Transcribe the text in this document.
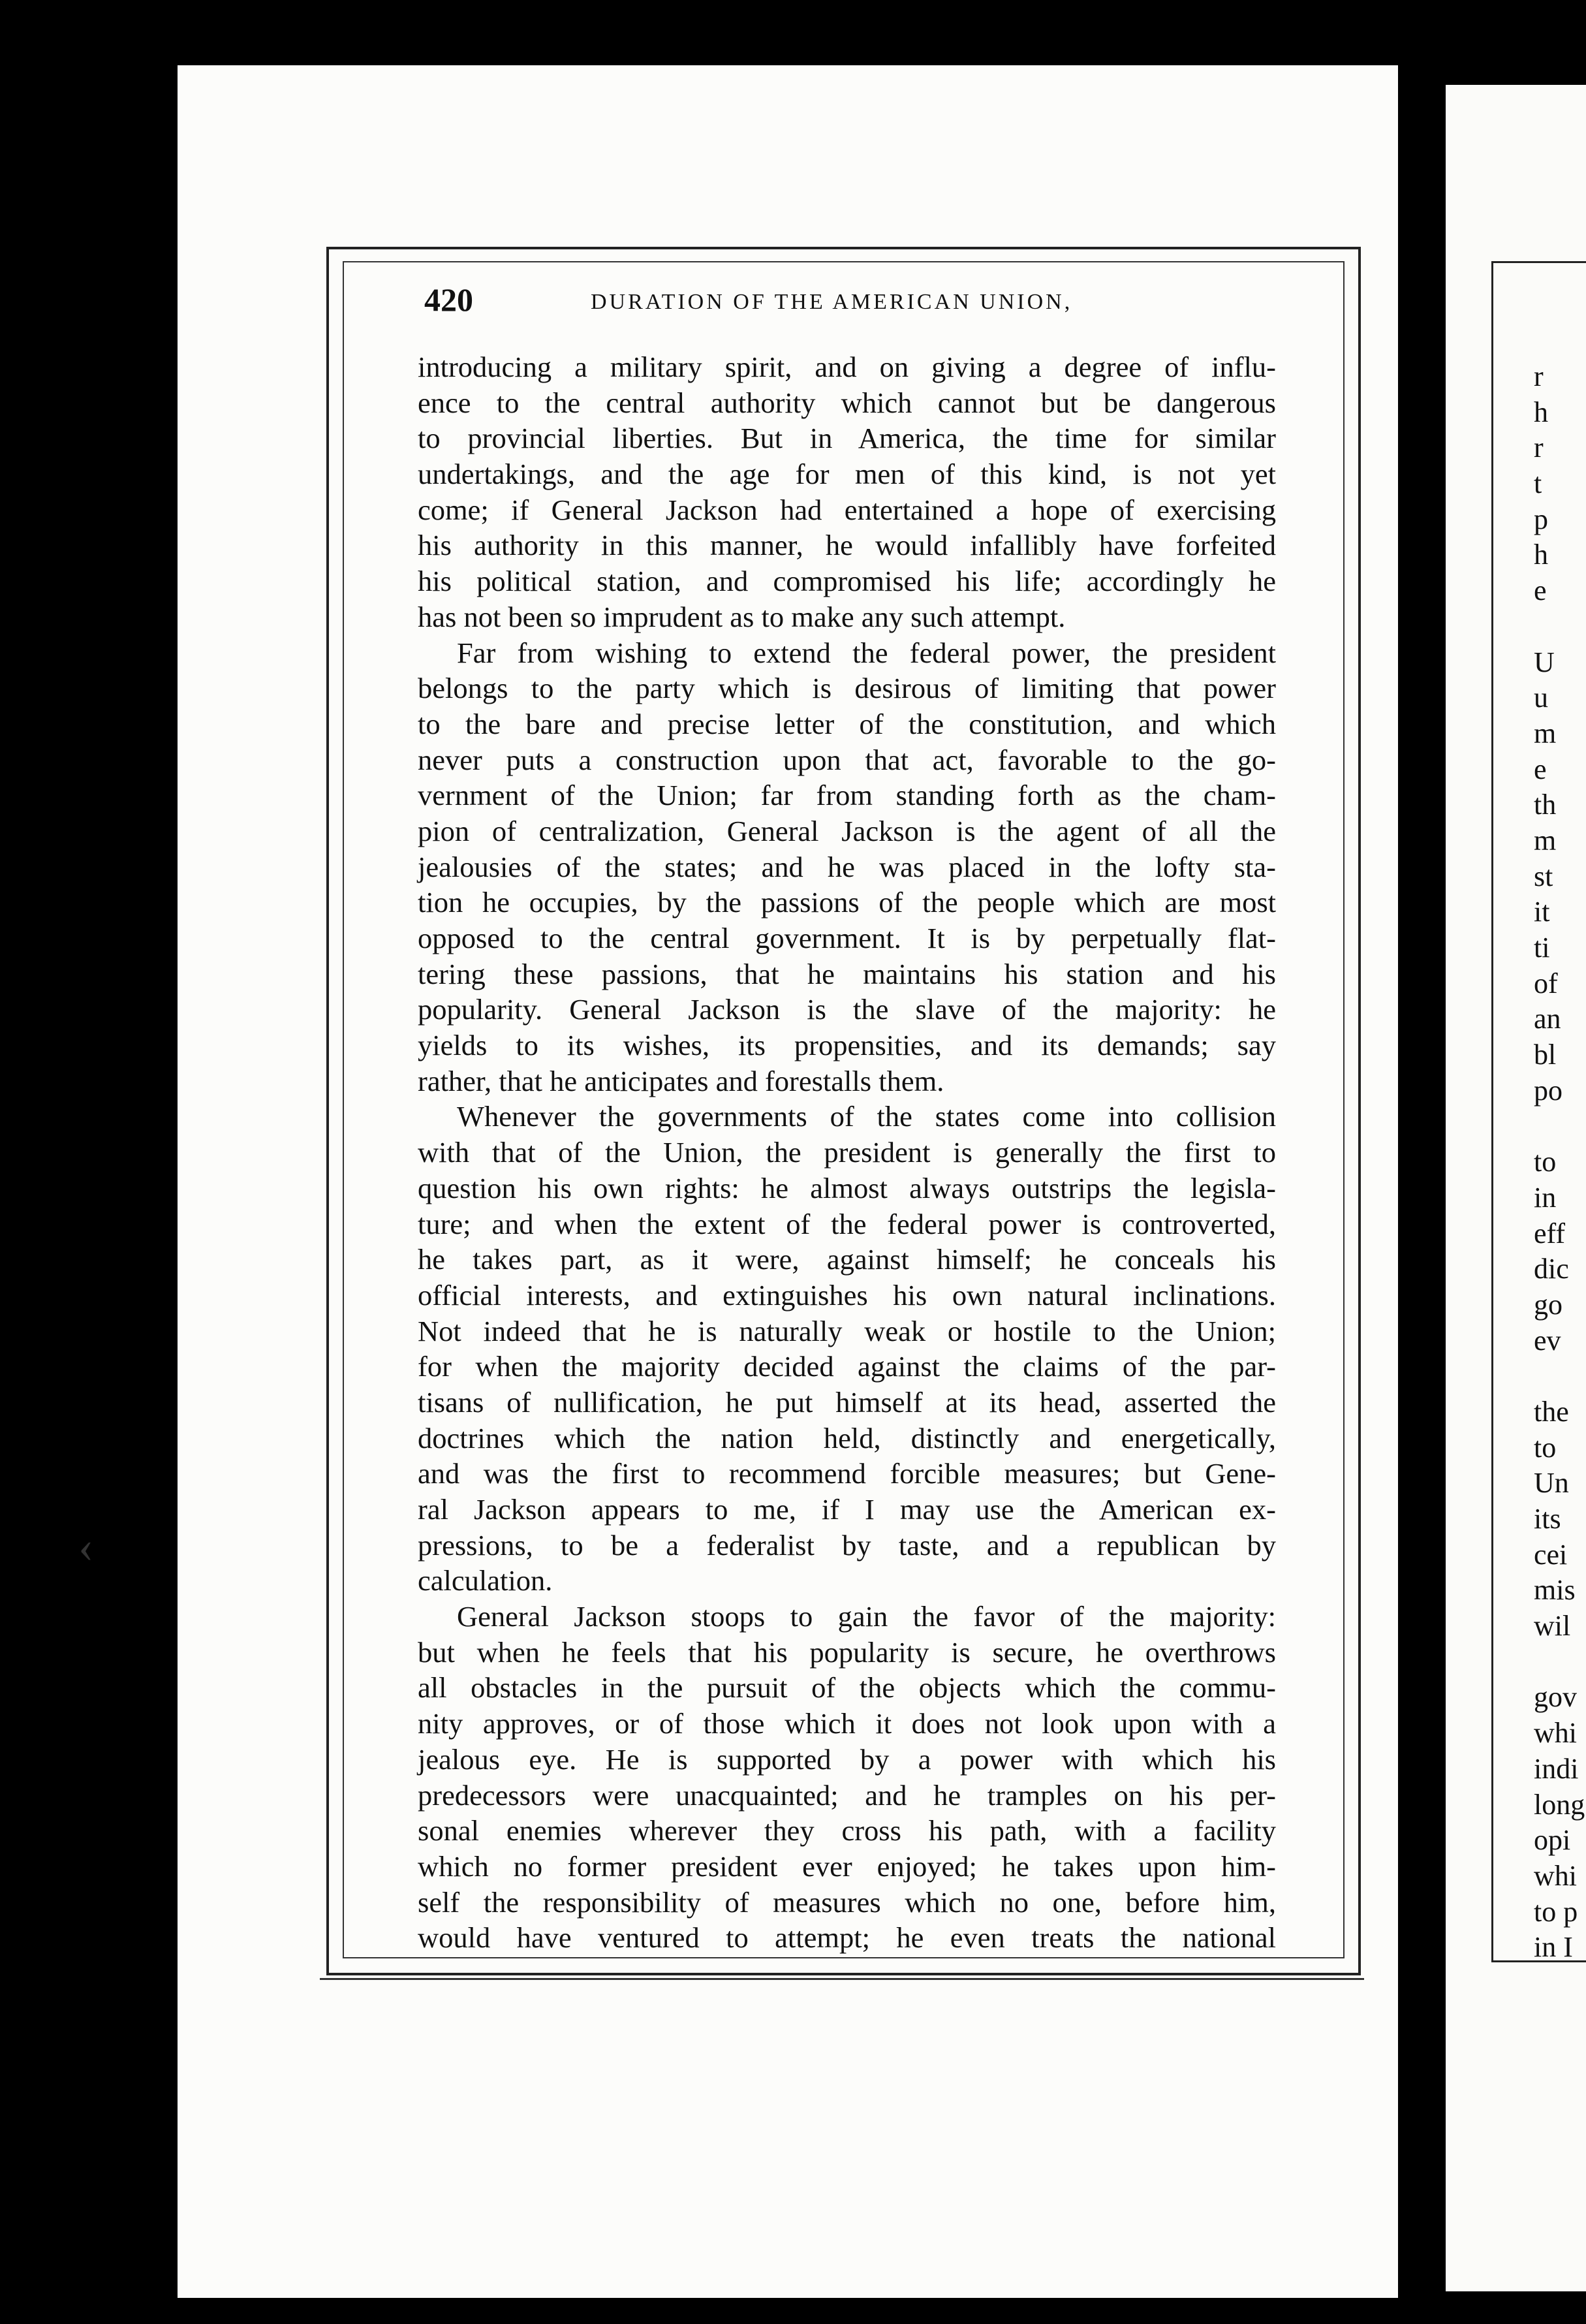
420	DURATION OF THE AMERICAN UNION,
introducing a military spirit, and on giving a degree of influ-
ence to the central authority which cannot but be dangerous
to provincial liberties. But in America, the time for similar
undertakings, and the age for men of this kind, is not yet
come; if General Jackson had entertained a hope of exercising
his authority in this manner, he would infallibly have forfeited
his political station, and compromised his life; accordingly he
has not been so imprudent as to make any such attempt.
Far from wishing to extend the federal power, the president
belongs to the party which is desirous of limiting that power
to the bare and precise letter of the constitution, and which
never puts a construction upon that act, favorable to the go-
vernment of the Union; far from standing forth as the cham-
pion of centralization, General Jackson is the agent of all the
jealousies of the states; and he was placed in the lofty sta-
tion he occupies, by the passions of the people which are most
opposed to the central government. It is by perpetually flat-
tering these passions, that he maintains his station and his
popularity. General Jackson is the slave of the majority: he
yields to its wishes, its propensities, and its demands; say
rather, that he anticipates and forestalls them.
Whenever the governments of the states come into collision
with that of the Union, the president is generally the first to
question his own rights: he almost always outstrips the legisla-
ture; and when the extent of the federal power is controverted,
he takes part, as it were, against himself; he conceals his
official interests, and extinguishes his own natural inclinations.
Not indeed that he is naturally weak or hostile to the Union;
for when the majority decided against the claims of the par-
tisans of nullification, he put himself at its head, asserted the
doctrines which the nation held, distinctly and energetically,
and was the first to recommend forcible measures; but Gene-
ral Jackson appears to me, if I may use the American ex-
pressions, to be a federalist by taste, and a republican by
calculation.
General Jackson stoops to gain the favor of the majority:
but when he feels that his popularity is secure, he overthrows
all obstacles in the pursuit of the objects which the commu-
nity approves, or of those which it does not look upon with a
jealous eye. He is supported by a power with which his
predecessors were unacquainted; and he tramples on his per-
sonal enemies wherever they cross his path, with a facility
which no former president ever enjoyed; he takes upon him-
self the responsibility of measures which no one, before him,
would have ventured to attempt; he even treats the national
r
h
r
t
p
h
e
U
u
m
e
th
m
st
it
ti
of
an
bl
po
to
in
eff
dic
go
ev
the
to
Un
its
cei
mis
wil
gov
whi
indi
long
opi
whi
to p
in I
‹
